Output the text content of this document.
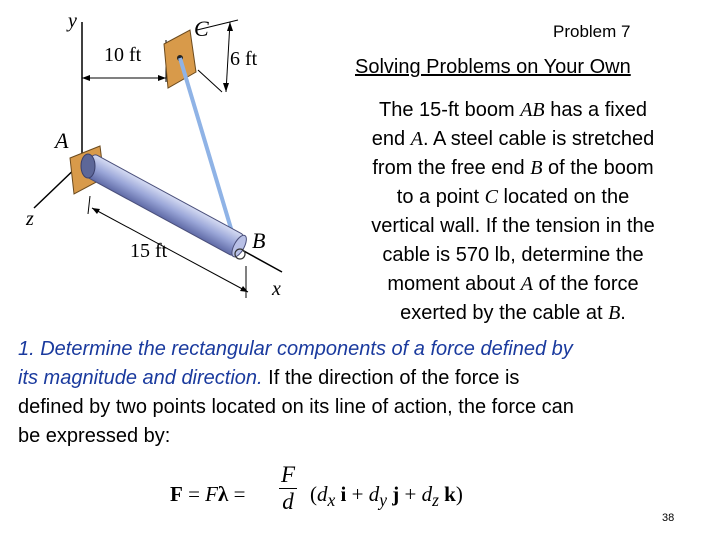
y
x
z
A
B
C
10 ft	6 ft
15 ft
Problem 7
Solving Problems on Your Own
The 15-ft boom AB has a fixed
end A. A steel cable is stretched
from the free end B of the boom
to a point C located on the
vertical wall. If the tension in the
cable is 570 lb, determine the
moment about A of the force
exerted by the cable at B.
1. Determine the rectangular components of a force defined by
its magnitude and direction. If the direction of the force is
defined by two points located on its line of action, the force can
be expressed by:
F = Fλ =
F
d ($d_x$ $i + d_y$ $j + d_z$ k)
38
